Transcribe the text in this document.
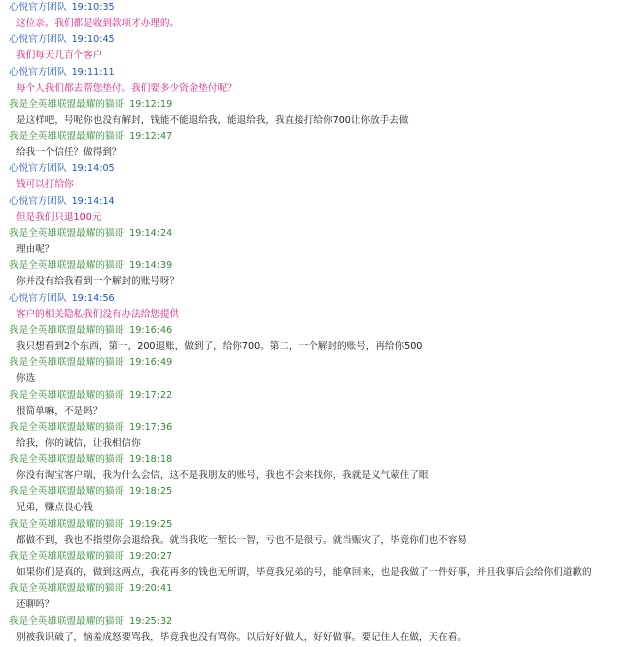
心悦官方团队 19:10:35
这位亲。我们都是收到款项才办理的。
心悦官方团队 19:10:45
我们每天几百个客户
心悦官方团队 19:11:11
每个人我们都去帮您垫付。我们要多少资金垫付呢？
我是全英雄联盟最耀的猫哥 19:12:19
是这样吧，号呢你也没有解封，钱能不能退给我，能退给我，我直接打给你700让你放手去做
我是全英雄联盟最耀的猫哥 19:12:47
给我一个信任？做得到？
心悦官方团队 19:14:05
钱可以打给你
心悦官方团队 19:14:14
但是我们只退100元
我是全英雄联盟最耀的猫哥 19:14:24
理由呢？
我是全英雄联盟最耀的猫哥 19:14:39
你并没有给我看到一个解封的账号呀？
心悦官方团队 19:14:56
客户的相关隐私我们没有办法给您提供
我是全英雄联盟最耀的猫哥 19:16:46
我只想看到2个东西，第一，200退账，做到了，给你700。第二，一个解封的账号，再给你500
我是全英雄联盟最耀的猫哥 19:16:49
你选
我是全英雄联盟最耀的猫哥 19:17:22
很简单嘛，不是吗？
我是全英雄联盟最耀的猫哥 19:17:36
给我，你的诚信，让我相信你
我是全英雄联盟最耀的猫哥 19:18:18
你没有淘宝客户端，我为什么会信，这不是我朋友的账号，我也不会来找你，我就是义气蒙住了眼
我是全英雄联盟最耀的猫哥 19:18:25
兄弟，赚点良心钱
我是全英雄联盟最耀的猫哥 19:19:25
都做不到，我也不指望你会退给我。就当我吃一堑长一智，亏也不是很亏。就当赈灾了，毕竟你们也不容易
我是全英雄联盟最耀的猫哥 19:20:27
如果你们是真的，做到这两点，我花再多的钱也无所谓，毕竟我兄弟的号，能拿回来，也是我做了一件好事，并且我事后会给你们道歉的
我是全英雄联盟最耀的猫哥 19:20:41
还聊吗？
我是全英雄联盟最耀的猫哥 19:25:32
别被我识破了，恼羞成怒要骂我，毕竟我也没有骂你。以后好好做人，好好做事。要记住人在做，天在看。
